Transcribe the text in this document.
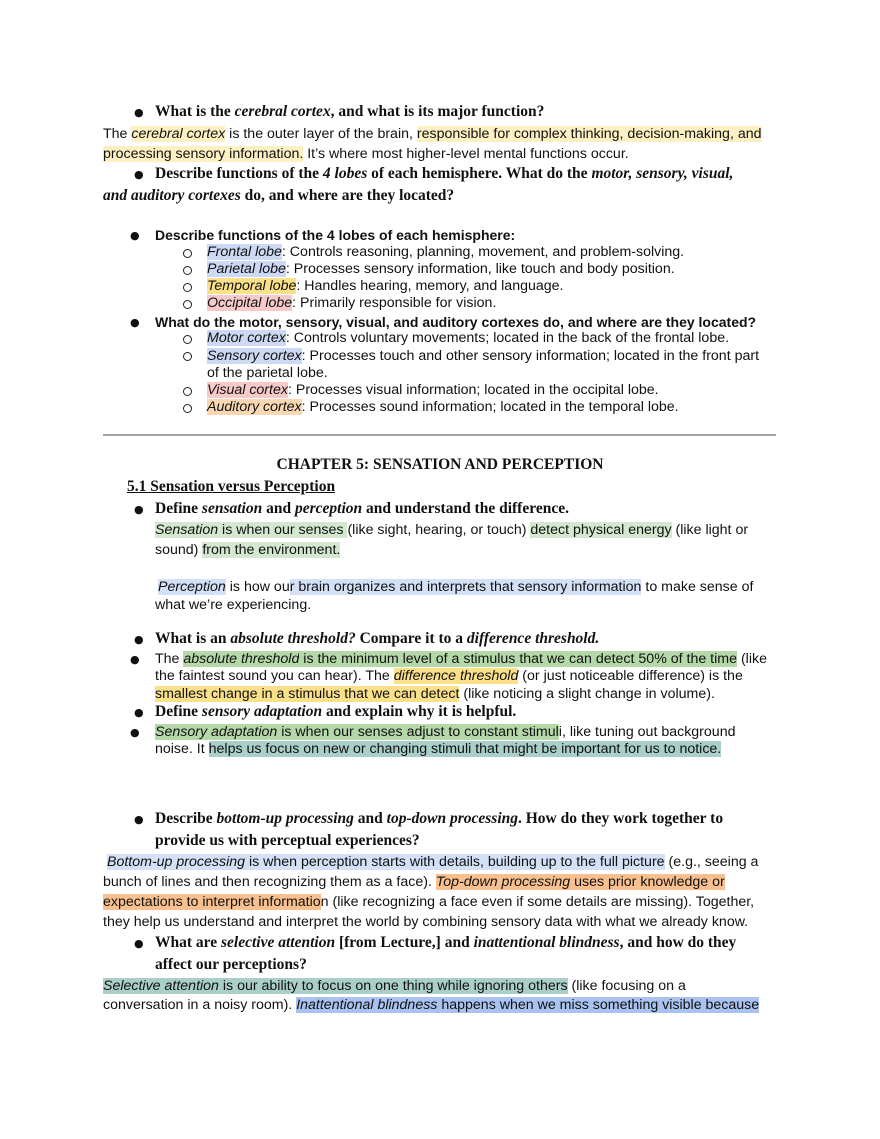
● What is the cerebral cortex, and what is its major function?
The cerebral cortex is the outer layer of the brain, responsible for complex thinking, decision-making, and
processing sensory information. It’s where most higher-level mental functions occur.
● Describe functions of the 4 lobes of each hemisphere. What do the motor, sensory, visual,
and auditory cortexes do, and where are they located?
● Describe functions of the 4 lobes of each hemisphere:
Frontal lobe: Controls reasoning, planning, movement, and problem-solving.
Parietal lobe: Processes sensory information, like touch and body position.
Temporal lobe: Handles hearing, memory, and language.
Occipital lobe: Primarily responsible for vision.
● What do the motor, sensory, visual, and auditory cortexes do, and where are they located?
Motor cortex: Controls voluntary movements; located in the back of the frontal lobe.
Sensory cortex: Processes touch and other sensory information; located in the front part
of the parietal lobe.
Visual cortex: Processes visual information; located in the occipital lobe.
Auditory cortex: Processes sound information; located in the temporal lobe.
CHAPTER 5: SENSATION AND PERCEPTION
5.1 Sensation versus Perception
● Define sensation and perception and understand the difference.
Sensation is when our senses (like sight, hearing, or touch) detect physical energy (like light or
sound) from the environment.
Perception is how our brain organizes and interprets that sensory information to make sense of
what we’re experiencing.
● What is an absolute threshold? Compare it to a difference threshold.
● The absolute threshold is the minimum level of a stimulus that we can detect 50% of the time (like
the faintest sound you can hear). The difference threshold (or just noticeable difference) is the
smallest change in a stimulus that we can detect (like noticing a slight change in volume).
● Define sensory adaptation and explain why it is helpful.
● Sensory adaptation is when our senses adjust to constant stimuli, like tuning out background
noise. It helps us focus on new or changing stimuli that might be important for us to notice.
● Describe bottom-up processing and top-down processing. How do they work together to
provide us with perceptual experiences?
Bottom-up processing is when perception starts with details, building up to the full picture (e.g., seeing a
bunch of lines and then recognizing them as a face). Top-down processing uses prior knowledge or
expectations to interpret information (like recognizing a face even if some details are missing). Together,
they help us understand and interpret the world by combining sensory data with what we already know.
● What are selective attention [from Lecture,] and inattentional blindness, and how do they
affect our perceptions?
Selective attention is our ability to focus on one thing while ignoring others (like focusing on a
conversation in a noisy room). Inattentional blindness happens when we miss something visible because
